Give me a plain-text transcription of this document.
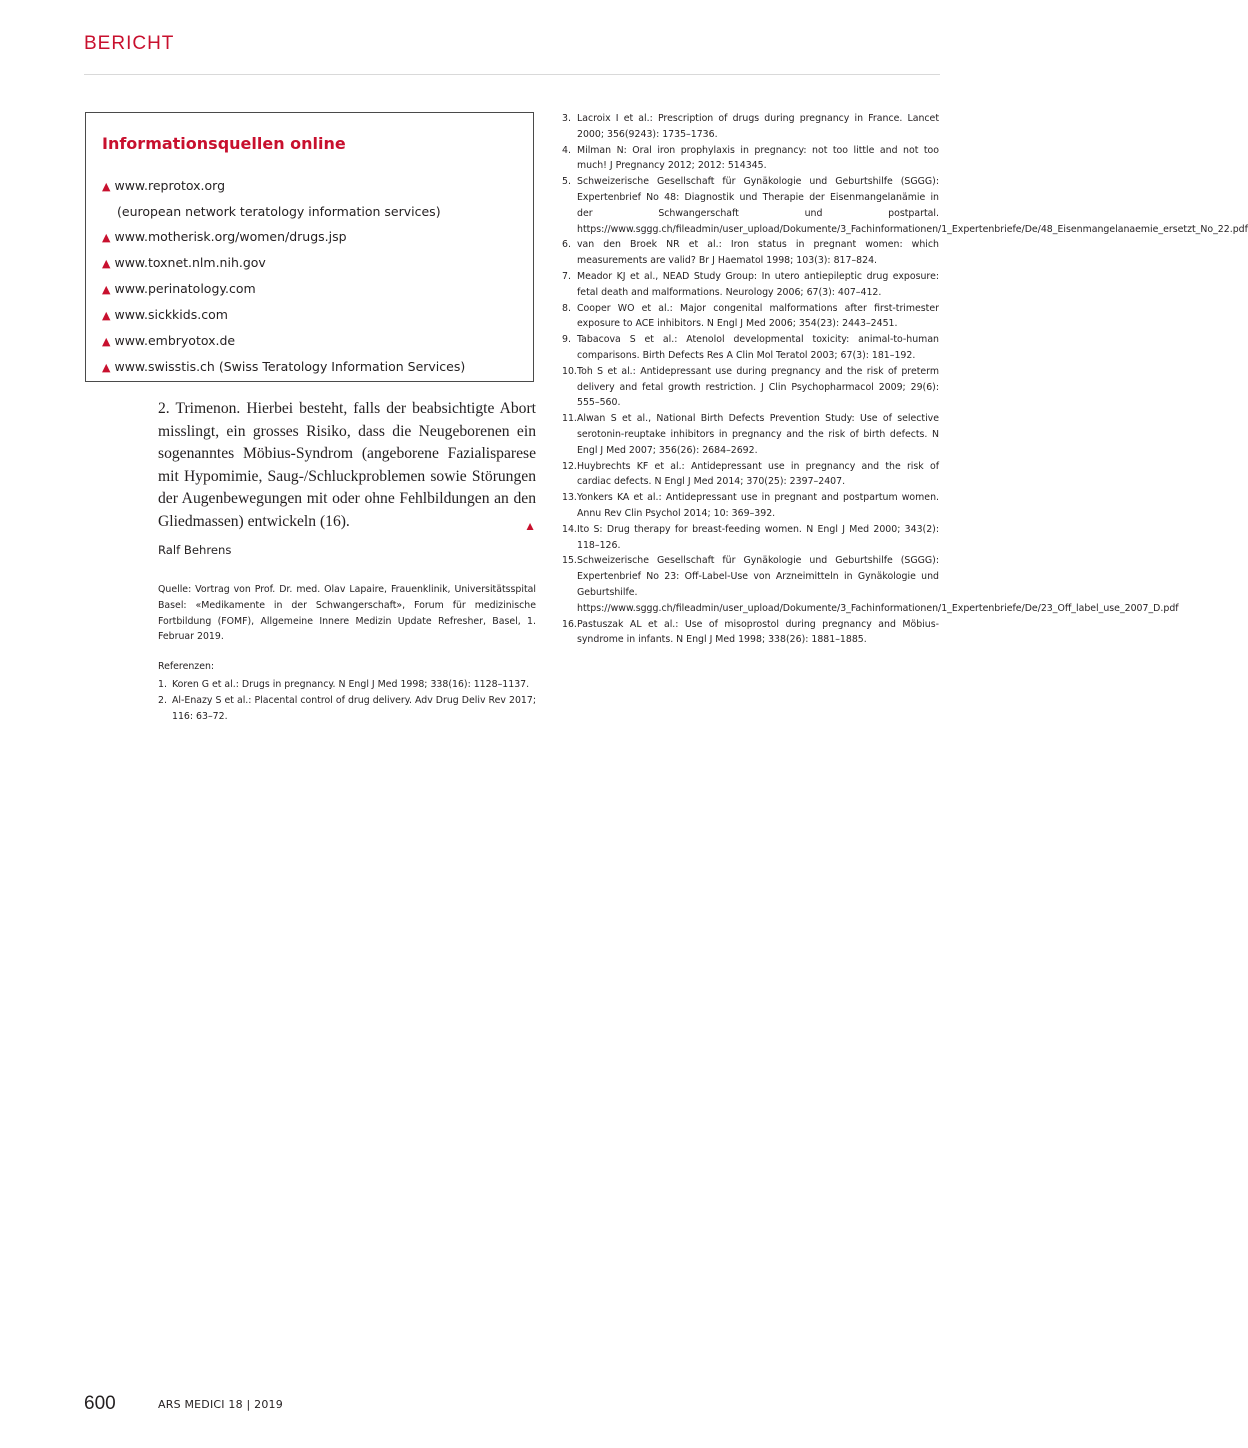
BERICHT
Informationsquellen online
▲ www.reprotox.org
(european network teratology information services)
▲ www.motherisk.org/women/drugs.jsp
▲ www.toxnet.nlm.nih.gov
▲ www.perinatology.com
▲ www.sickkids.com
▲ www.embryotox.de
▲ www.swisstis.ch (Swiss Teratology Information Services)

2. Trimenon. Hierbei besteht, falls der beabsichtigte Abort misslingt, ein grosses Risiko, dass die Neugeborenen ein sogenanntes Möbius-Syndrom (angeborene Fazialisparese mit Hypomimie, Saug-/Schluckproblemen sowie Störungen der Augenbewegungen mit oder ohne Fehlbildungen an den Gliedmassen) entwickeln (16).	▲

Ralf Behrens

Quelle: Vortrag von Prof. Dr. med. Olav Lapaire, Frauenklinik, Universitätsspital Basel: «Medikamente in der Schwangerschaft», Forum für medizinische Fortbildung (FOMF), Allgemeine Innere Medizin Update Refresher, Basel, 1. Februar 2019.

Referenzen:
1. Koren G et al.: Drugs in pregnancy. N Engl J Med 1998; 338(16): 1128–1137.
2. Al-Enazy S et al.: Placental control of drug delivery. Adv Drug Deliv Rev 2017; 116: 63–72.
3. Lacroix I et al.: Prescription of drugs during pregnancy in France. Lancet 2000; 356(9243): 1735–1736.
4. Milman N: Oral iron prophylaxis in pregnancy: not too little and not too much! J Pregnancy 2012; 2012: 514345.
5. Schweizerische Gesellschaft für Gynäkologie und Geburtshilfe (SGGG): Expertenbrief No 48: Diagnostik und Therapie der Eisenmangelanämie in der Schwangerschaft und postpartal. https://www.sggg.ch/fileadmin/user_upload/Dokumente/3_Fachinformationen/1_Expertenbriefe/De/48_Eisenmangelanaemie_ersetzt_No_22.pdf
6. van den Broek NR et al.: Iron status in pregnant women: which measurements are valid? Br J Haematol 1998; 103(3): 817–824.
7. Meador KJ et al., NEAD Study Group: In utero antiepileptic drug exposure: fetal death and malformations. Neurology 2006; 67(3): 407–412.
8. Cooper WO et al.: Major congenital malformations after first-trimester exposure to ACE inhibitors. N Engl J Med 2006; 354(23): 2443–2451.
9. Tabacova S et al.: Atenolol developmental toxicity: animal-to-human comparisons. Birth Defects Res A Clin Mol Teratol 2003; 67(3): 181–192.
10. Toh S et al.: Antidepressant use during pregnancy and the risk of preterm delivery and fetal growth restriction. J Clin Psychopharmacol 2009; 29(6): 555–560.
11. Alwan S et al., National Birth Defects Prevention Study: Use of selective serotonin-reuptake inhibitors in pregnancy and the risk of birth defects. N Engl J Med 2007; 356(26): 2684–2692.
12. Huybrechts KF et al.: Antidepressant use in pregnancy and the risk of cardiac defects. N Engl J Med 2014; 370(25): 2397–2407.
13. Yonkers KA et al.: Antidepressant use in pregnant and postpartum women. Annu Rev Clin Psychol 2014; 10: 369–392.
14. Ito S: Drug therapy for breast-feeding women. N Engl J Med 2000; 343(2): 118–126.
15. Schweizerische Gesellschaft für Gynäkologie und Geburtshilfe (SGGG): Expertenbrief No 23: Off-Label-Use von Arzneimitteln in Gynäkologie und Geburtshilfe. https://www.sggg.ch/fileadmin/user_upload/Dokumente/3_Fachinformationen/1_Expertenbriefe/De/23_Off_label_use_2007_D.pdf
16. Pastuszak AL et al.: Use of misoprostol during pregnancy and Möbius-syndrome in infants. N Engl J Med 1998; 338(26): 1881–1885.
600	ARS MEDICI 18 | 2019
